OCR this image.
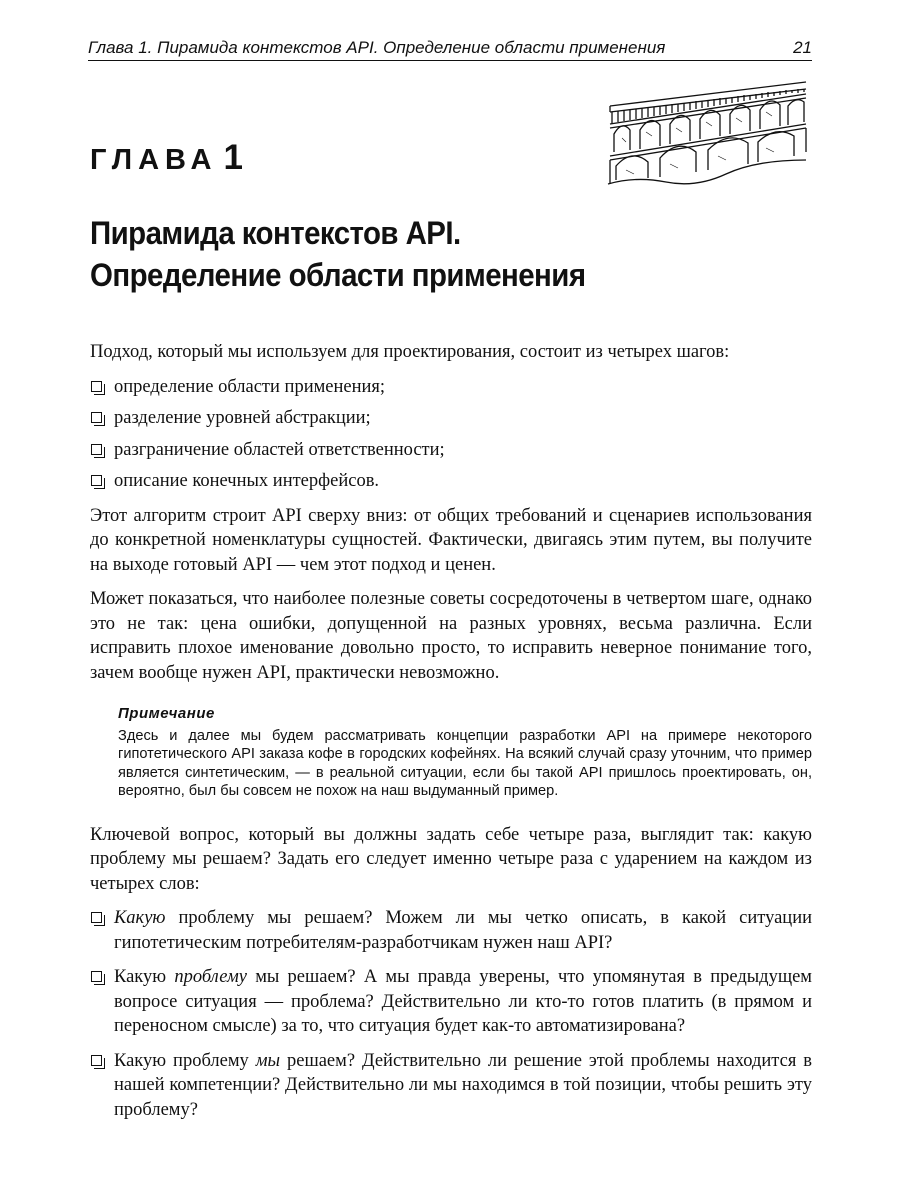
Глава 1. Пирамида контекстов API. Определение области применения	21
ГЛАВА 1
Пирамида контекстов API.
Определение области применения

Подход, который мы используем для проектирования, состоит из четырех шагов:

определение области применения;
разделение уровней абстракции;
разграничение областей ответственности;
описание конечных интерфейсов.

Этот алгоритм строит API сверху вниз: от общих требований и сценариев использования до конкретной номенклатуры сущностей. Фактически, двигаясь этим путем, вы получите на выходе готовый API — чем этот подход и ценен.

Может показаться, что наиболее полезные советы сосредоточены в четвертом шаге, однако это не так: цена ошибки, допущенной на разных уровнях, весьма различна. Если исправить плохое именование довольно просто, то исправить неверное понимание того, зачем вообще нужен API, практически невозможно.

Примечание
Здесь и далее мы будем рассматривать концепции разработки API на примере некоторого гипотетического API заказа кофе в городских кофейнях. На всякий случай сразу уточним, что пример является синтетическим, — в реальной ситуации, если бы такой API пришлось проектировать, он, вероятно, был бы совсем не похож на наш выдуманный пример.

Ключевой вопрос, который вы должны задать себе четыре раза, выглядит так: какую проблему мы решаем? Задать его следует именно четыре раза с ударением на каждом из четырех слов:

Какую проблему мы решаем? Можем ли мы четко описать, в какой ситуации гипотетическим потребителям-разработчикам нужен наш API?
Какую проблему мы решаем? А мы правда уверены, что упомянутая в предыдущем вопросе ситуация — проблема? Действительно ли кто-то готов платить (в прямом и переносном смысле) за то, что ситуация будет как-то автоматизирована?
Какую проблему мы решаем? Действительно ли решение этой проблемы находится в нашей компетенции? Действительно ли мы находимся в той позиции, чтобы решить эту проблему?
